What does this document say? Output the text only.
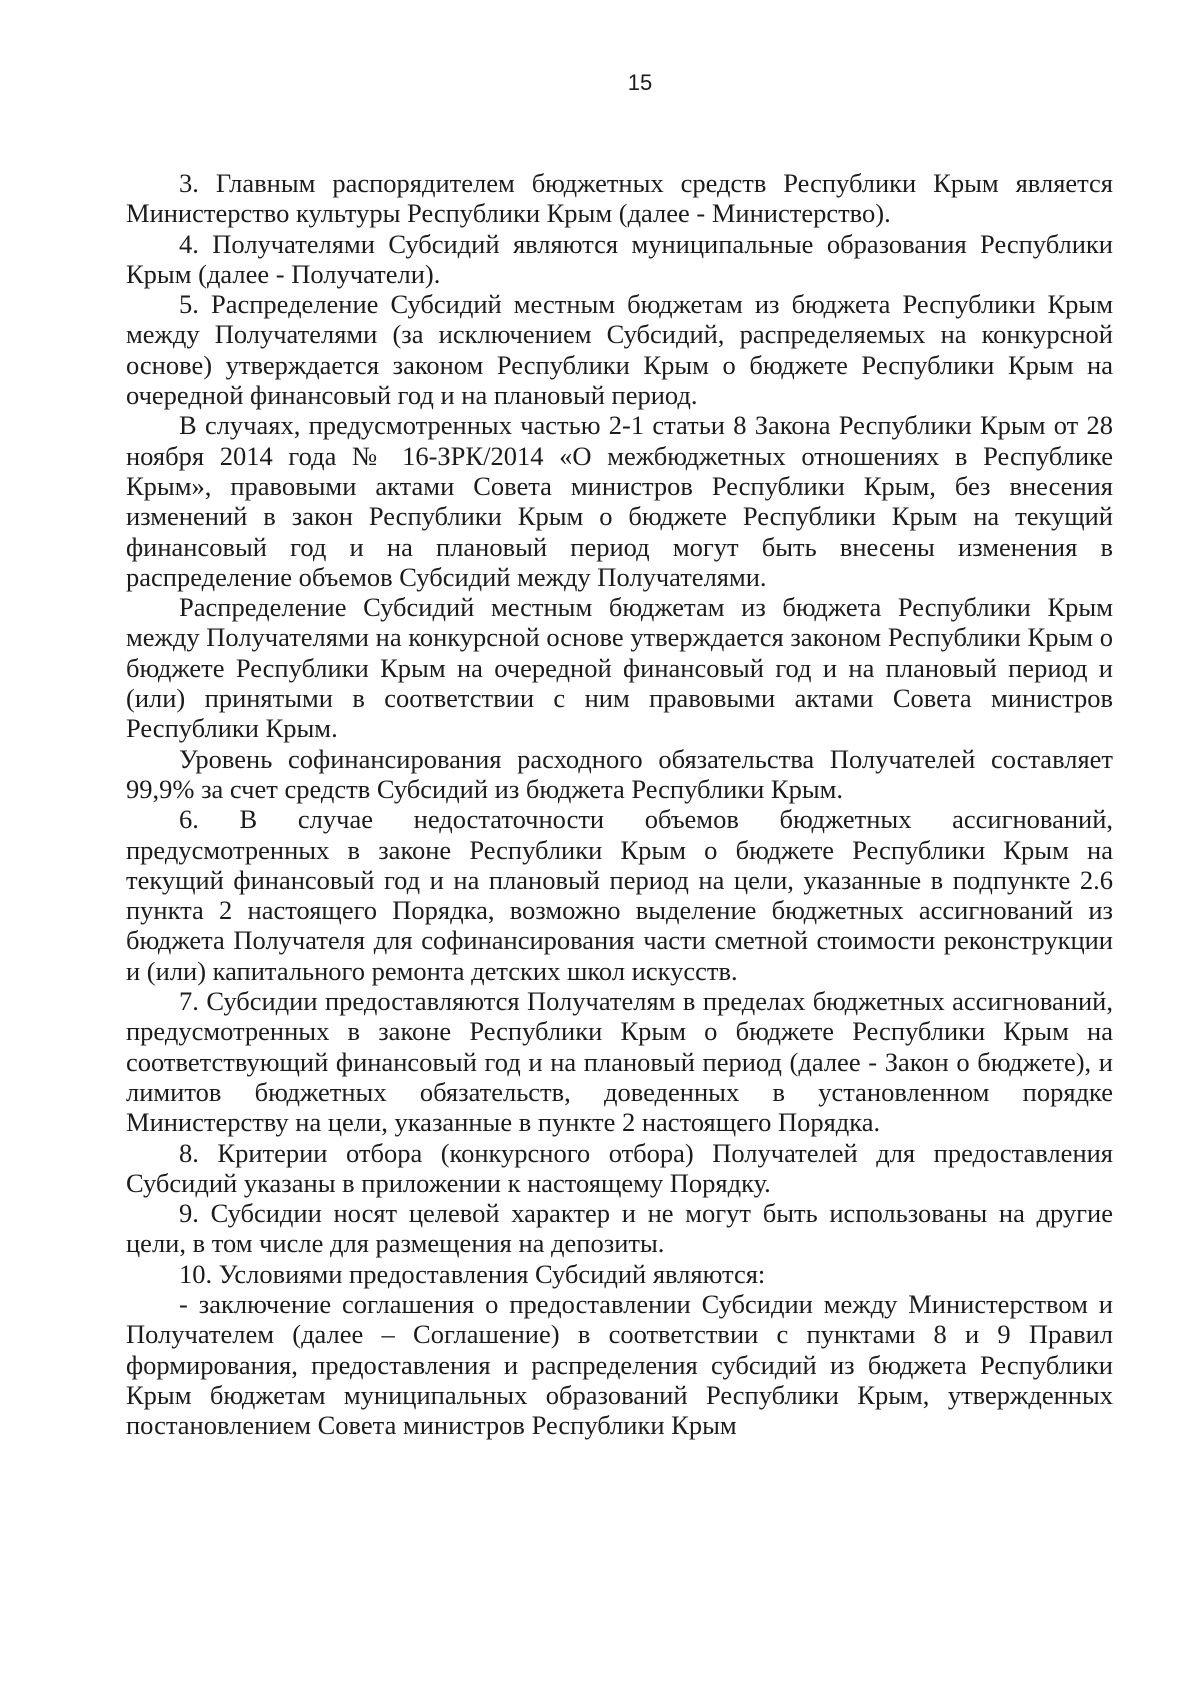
15

3. Главным распорядителем бюджетных средств Республики Крым является Министерство культуры Республики Крым (далее - Министерство).

4. Получателями Субсидий являются муниципальные образования Республики Крым (далее - Получатели).

5. Распределение Субсидий местным бюджетам из бюджета Республики Крым между Получателями (за исключением Субсидий, распределяемых на конкурсной основе) утверждается законом Республики Крым о бюджете Республики Крым на очередной финансовый год и на плановый период.

В случаях, предусмотренных частью 2-1 статьи 8 Закона Республики Крым от 28 ноября 2014 года № 16-ЗРК/2014 «О межбюджетных отношениях в Республике Крым», правовыми актами Совета министров Республики Крым, без внесения изменений в закон Республики Крым о бюджете Республики Крым на текущий финансовый год и на плановый период могут быть внесены изменения в распределение объемов Субсидий между Получателями.

Распределение Субсидий местным бюджетам из бюджета Республики Крым между Получателями на конкурсной основе утверждается законом Республики Крым о бюджете Республики Крым на очередной финансовый год и на плановый период и (или) принятыми в соответствии с ним правовыми актами Совета министров Республики Крым.

Уровень софинансирования расходного обязательства Получателей составляет 99,9% за счет средств Субсидий из бюджета Республики Крым.

6. В случае недостаточности объемов бюджетных ассигнований, предусмотренных в законе Республики Крым о бюджете Республики Крым на текущий финансовый год и на плановый период на цели, указанные в подпункте 2.6 пункта 2 настоящего Порядка, возможно выделение бюджетных ассигнований из бюджета Получателя для софинансирования части сметной стоимости реконструкции и (или) капитального ремонта детских школ искусств.

7. Субсидии предоставляются Получателям в пределах бюджетных ассигнований, предусмотренных в законе Республики Крым о бюджете Республики Крым на соответствующий финансовый год и на плановый период (далее - Закон о бюджете), и лимитов бюджетных обязательств, доведенных в установленном порядке Министерству на цели, указанные в пункте 2 настоящего Порядка.

8. Критерии отбора (конкурсного отбора) Получателей для предоставления Субсидий указаны в приложении к настоящему Порядку.

9. Субсидии носят целевой характер и не могут быть использованы на другие цели, в том числе для размещения на депозиты.

10. Условиями предоставления Субсидий являются:

- заключение соглашения о предоставлении Субсидии между Министерством и Получателем (далее – Соглашение) в соответствии с пунктами 8 и 9 Правил формирования, предоставления и распределения субсидий из бюджета Республики Крым бюджетам муниципальных образований Республики Крым, утвержденных постановлением Совета министров Республики Крым
